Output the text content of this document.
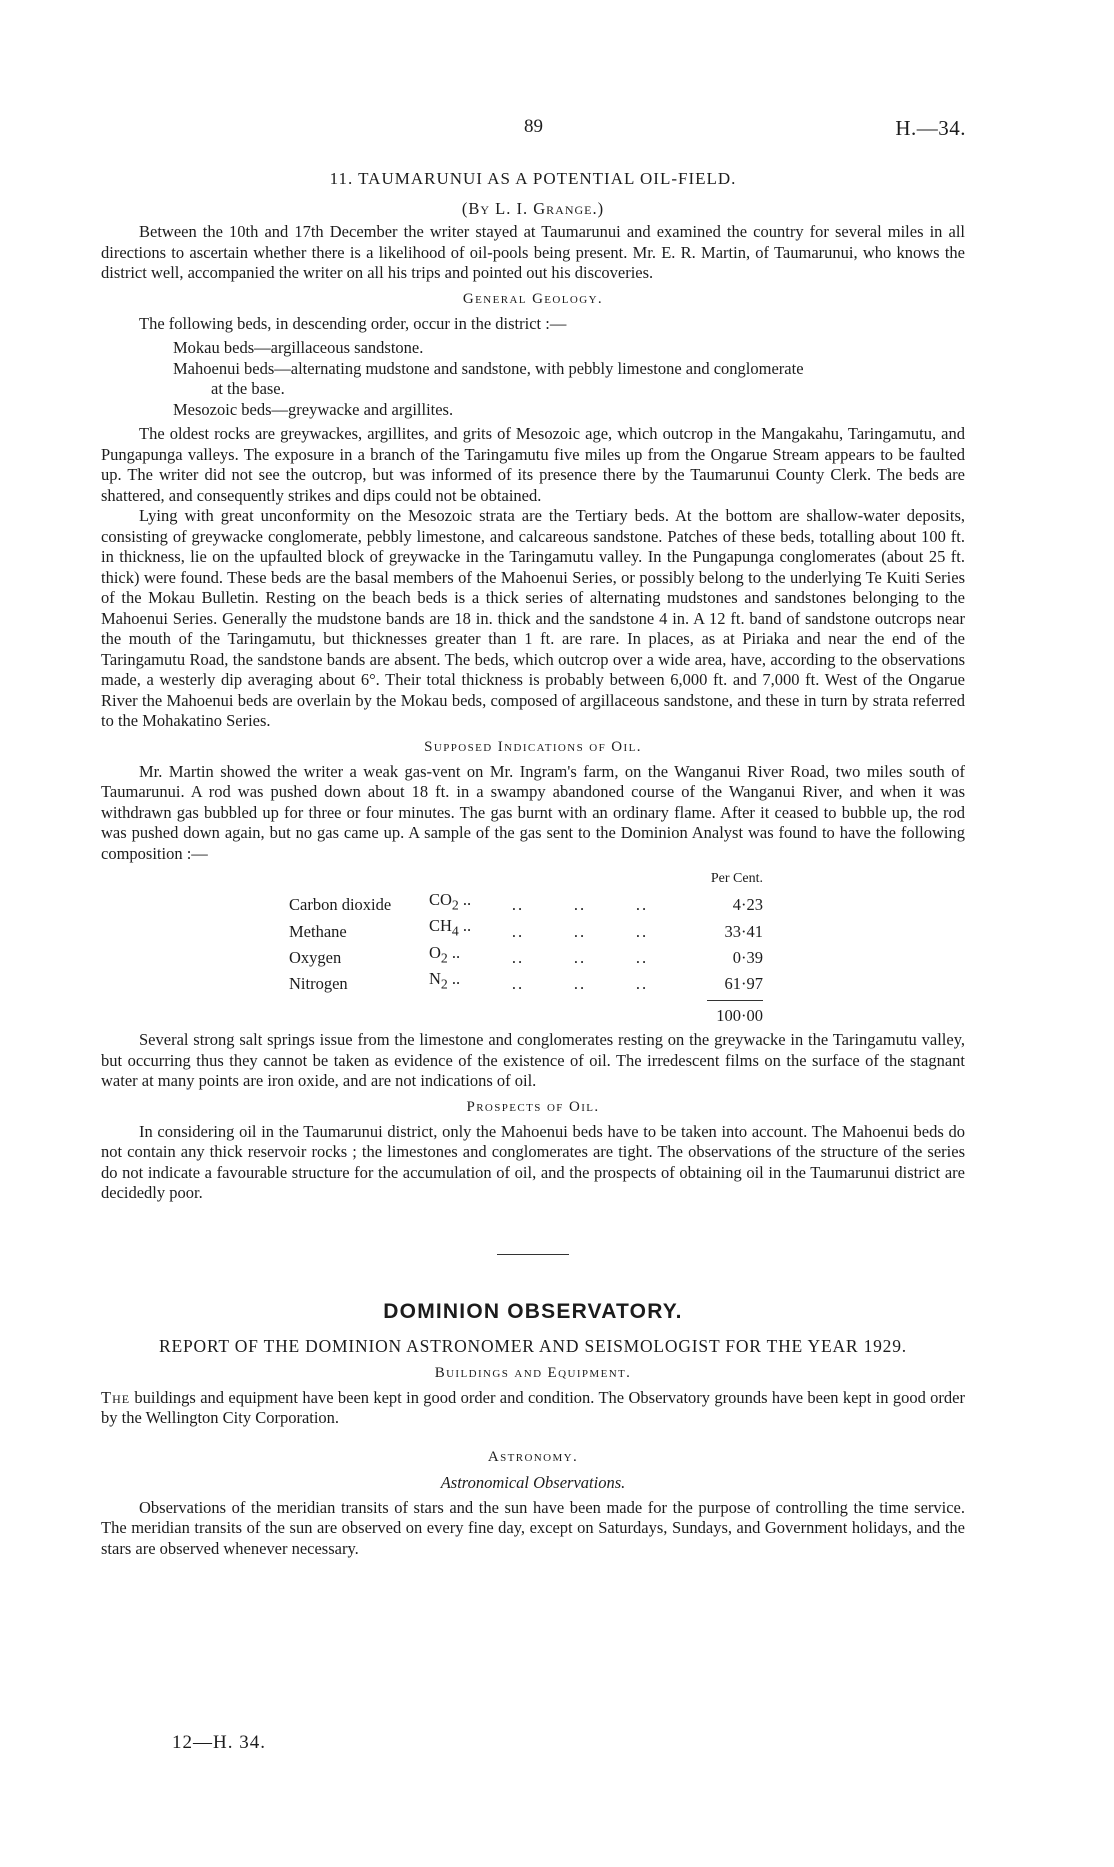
89	H.—34.
11. TAUMARUNUI AS A POTENTIAL OIL-FIELD.
(By L. I. Grange.)

Between the 10th and 17th December the writer stayed at Taumarunui and examined the country for several miles in all directions to ascertain whether there is a likelihood of oil-pools being present. Mr. E. R. Martin, of Taumarunui, who knows the district well, accompanied the writer on all his trips and pointed out his discoveries.

General Geology.

The following beds, in descending order, occur in the district :—

Mokau beds—argillaceous sandstone.
Mahoenui beds—alternating mudstone and sandstone, with pebbly limestone and conglomerate
at the base.
Mesozoic beds—greywacke and argillites.

The oldest rocks are greywackes, argillites, and grits of Mesozoic age, which outcrop in the Mangakahu, Taringamutu, and Pungapunga valleys. The exposure in a branch of the Taringamutu five miles up from the Ongarue Stream appears to be faulted up. The writer did not see the outcrop, but was informed of its presence there by the Taumarunui County Clerk. The beds are shattered, and consequently strikes and dips could not be obtained.

Lying with great unconformity on the Mesozoic strata are the Tertiary beds. At the bottom are shallow-water deposits, consisting of greywacke conglomerate, pebbly limestone, and calcareous sandstone. Patches of these beds, totalling about 100 ft. in thickness, lie on the upfaulted block of greywacke in the Taringamutu valley. In the Pungapunga conglomerates (about 25 ft. thick) were found. These beds are the basal members of the Mahoenui Series, or possibly belong to the underlying Te Kuiti Series of the Mokau Bulletin. Resting on the beach beds is a thick series of alternating mudstones and sandstones belonging to the Mahoenui Series. Generally the mudstone bands are 18 in. thick and the sandstone 4 in. A 12 ft. band of sandstone outcrops near the mouth of the Taringamutu, but thicknesses greater than 1 ft. are rare. In places, as at Piriaka and near the end of the Taringamutu Road, the sandstone bands are absent. The beds, which outcrop over a wide area, have, according to the observations made, a westerly dip averaging about 6°. Their total thickness is probably between 6,000 ft. and 7,000 ft. West of the Ongarue River the Mahoenui beds are overlain by the Mokau beds, composed of argillaceous sandstone, and these in turn by strata referred to the Mohakatino Series.

Supposed Indications of Oil.

Mr. Martin showed the writer a weak gas-vent on Mr. Ingram's farm, on the Wanganui River Road, two miles south of Taumarunui. A rod was pushed down about 18 ft. in a swampy abandoned course of the Wanganui River, and when it was withdrawn gas bubbled up for three or four minutes. The gas burnt with an ordinary flame. After it ceased to bubble up, the rod was pushed down again, but no gas came up. A sample of the gas sent to the Dominion Analyst was found to have the following composition :—

					Per Cent.
Carbon dioxide	$CO_2$ ..	..	..	..	4·23
Methane	$CH_4$ ..	..	..	..	33·41
Oxygen	$O_2$ ..	..	..	..	0·39
Nitrogen	$N_2$ ..	..	..	..	61·97

100·00

Several strong salt springs issue from the limestone and conglomerates resting on the greywacke in the Taringamutu valley, but occurring thus they cannot be taken as evidence of the existence of oil. The irredescent films on the surface of the stagnant water at many points are iron oxide, and are not indications of oil.

Prospects of Oil.

In considering oil in the Taumarunui district, only the Mahoenui beds have to be taken into account. The Mahoenui beds do not contain any thick reservoir rocks ; the limestones and conglomerates are tight. The observations of the structure of the series do not indicate a favourable structure for the accumulation of oil, and the prospects of obtaining oil in the Taumarunui district are decidedly poor.

DOMINION OBSERVATORY.
REPORT OF THE DOMINION ASTRONOMER AND SEISMOLOGIST FOR THE YEAR 1929.
Buildings and Equipment.

The buildings and equipment have been kept in good order and condition. The Observatory grounds have been kept in good order by the Wellington City Corporation.

Astronomy.
Astronomical Observations.

Observations of the meridian transits of stars and the sun have been made for the purpose of controlling the time service. The meridian transits of the sun are observed on every fine day, except on Saturdays, Sundays, and Government holidays, and the stars are observed whenever necessary.

12—H. 34.
